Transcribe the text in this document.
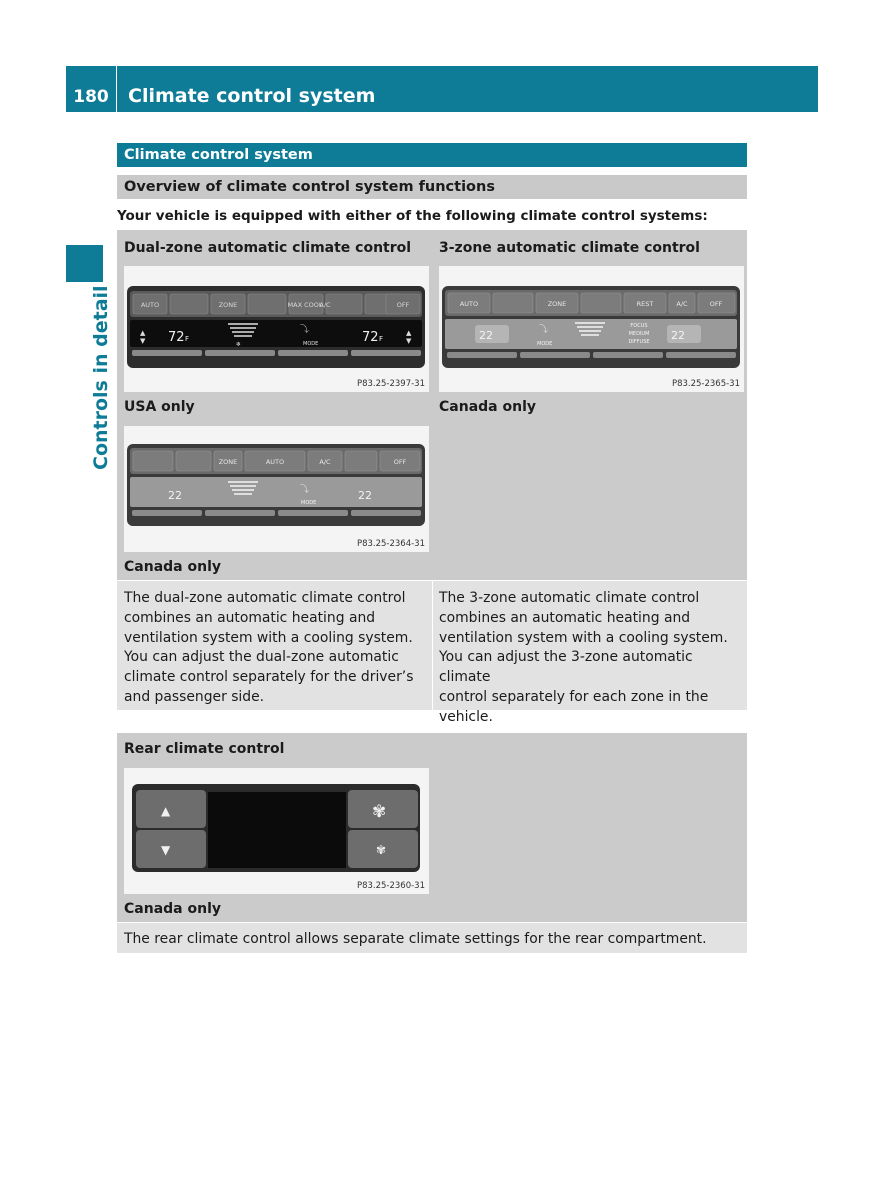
180	Climate control system
Controls in detail
Climate control system
Overview of climate control system functions
Your vehicle is equipped with either of the following climate control systems:
Dual-zone automatic climate control 3-zone automatic climate control
AUTO	ZONE	MAX COOL
A/C	OFF
▲
▼ 72 F
❄
⤵
MODE	72 F
▲
▼
P83.25-2397-31
AUTO	ZONE	REST	A/C	OFF
22	⤵
MODE
FOCUS
MEDIUM
DIFFUSE 22
P83.25-2365-31
USA only	Canada only
ZONE	AUTO	A/C	OFF
22	⤵
MODE
22
P83.25-2364-31
Canada only
The dual-zone automatic climate control
combines an automatic heating and
ventilation system with a cooling system.
You can adjust the dual-zone automatic
climate control separately for the driver’s
and passenger side.
The 3-zone automatic climate control
combines an automatic heating and
ventilation system with a cooling system.
You can adjust the 3-zone automatic climate
control separately for each zone in the
vehicle.
Rear climate control
▲
▼
✾
✾
P83.25-2360-31
Canada only
The rear climate control allows separate climate settings for the rear compartment.
